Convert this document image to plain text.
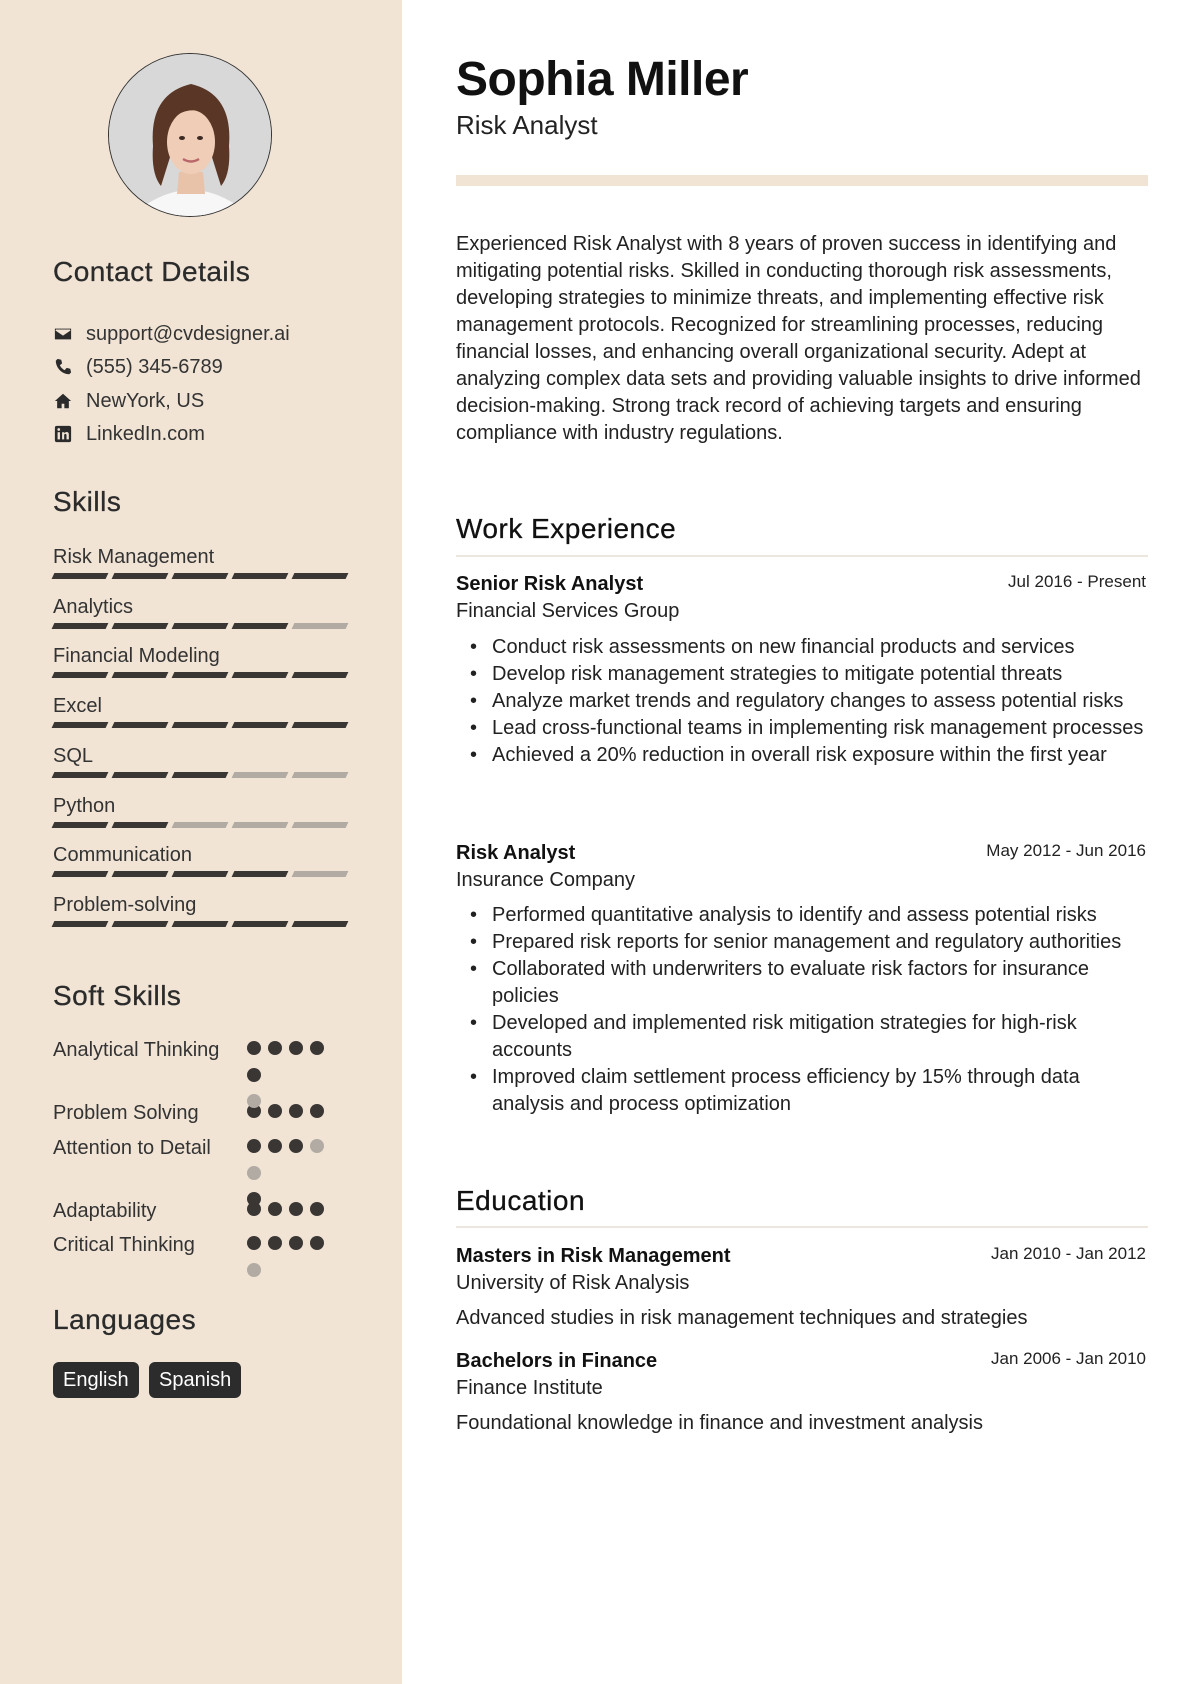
Contact Details
support@cvdesigner.ai
(555) 345-6789
NewYork, US
LinkedIn.com
Skills
Risk Management
Analytics
Financial Modeling
Excel
SQL
Python
Communication
Problem-solving
Soft Skills
Analytical Thinking
Problem Solving
Attention to Detail
Adaptability
Critical Thinking
Languages
English	Spanish
Sophia Miller
Risk Analyst
Experienced Risk Analyst with 8 years of proven success in identifying and mitigating potential risks. Skilled in conducting thorough risk assessments, developing strategies to minimize threats, and implementing effective risk management protocols. Recognized for streamlining processes, reducing financial losses, and enhancing overall organizational security. Adept at analyzing complex data sets and providing valuable insights to drive informed decision-making. Strong track record of achieving targets and ensuring compliance with industry regulations.
Work Experience
Senior Risk Analyst	Jul 2016 - Present
Financial Services Group
• Conduct risk assessments on new financial products and services
• Develop risk management strategies to mitigate potential threats
• Analyze market trends and regulatory changes to assess potential risks
• Lead cross-functional teams in implementing risk management processes
• Achieved a 20% reduction in overall risk exposure within the first year
Risk Analyst	May 2012 - Jun 2016
Insurance Company
• Performed quantitative analysis to identify and assess potential risks
• Prepared risk reports for senior management and regulatory authorities
• Collaborated with underwriters to evaluate risk factors for insurance policies
• Developed and implemented risk mitigation strategies for high-risk accounts
• Improved claim settlement process efficiency by 15% through data analysis and process optimization
Education
Masters in Risk Management	Jan 2010 - Jan 2012
University of Risk Analysis
Advanced studies in risk management techniques and strategies
Bachelors in Finance	Jan 2006 - Jan 2010
Finance Institute
Foundational knowledge in finance and investment analysis
